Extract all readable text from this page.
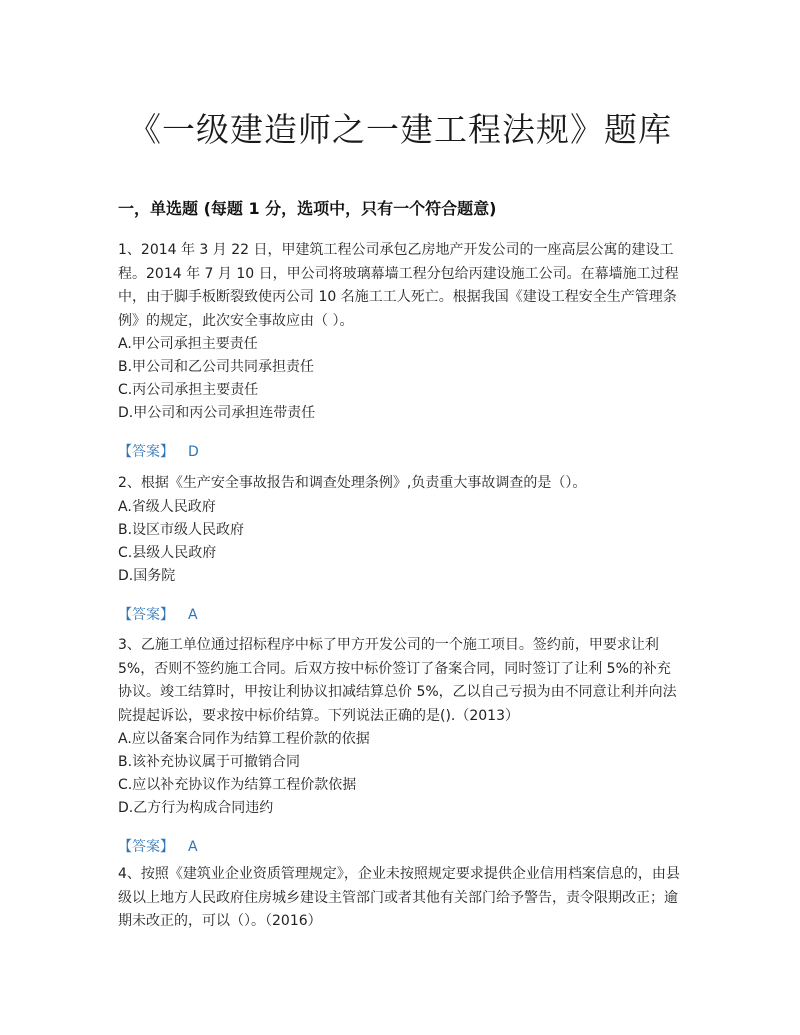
《一级建造师之一建工程法规》题库
一，单选题 (每题 1 分，选项中，只有一个符合题意)

1、2014 年 3 月 22 日，甲建筑工程公司承包乙房地产开发公司的一座高层公寓的建设工程。2014 年 7 月 10 日，甲公司将玻璃幕墙工程分包给丙建设施工公司。在幕墙施工过程中，由于脚手板断裂致使丙公司 10 名施工工人死亡。根据我国《建设工程安全生产管理条例》的规定，此次安全事故应由（ ）。

A.甲公司承担主要责任

B.甲公司和乙公司共同承担责任

C.丙公司承担主要责任

D.甲公司和丙公司承担连带责任

【答案】 D

2、根据《生产安全事故报告和调查处理条例》,负责重大事故调查的是（）。

A.省级人民政府

B.设区市级人民政府

C.县级人民政府

D.国务院

【答案】 A

3、乙施工单位通过招标程序中标了甲方开发公司的一个施工项目。签约前，甲要求让利 5%，否则不签约施工合同。后双方按中标价签订了备案合同，同时签订了让利 5%的补充协议。竣工结算时，甲按让利协议扣减结算总价 5%，乙以自己亏损为由不同意让利并向法院提起诉讼，要求按中标价结算。下列说法正确的是().（2013）

A.应以备案合同作为结算工程价款的依据

B.该补充协议属于可撤销合同

C.应以补充协议作为结算工程价款依据

D.乙方行为构成合同违约

【答案】 A

4、按照《建筑业企业资质管理规定》，企业未按照规定要求提供企业信用档案信息的，由县级以上地方人民政府住房城乡建设主管部门或者其他有关部门给予警告，责令限期改正；逾期未改正的，可以（）。（2016）
